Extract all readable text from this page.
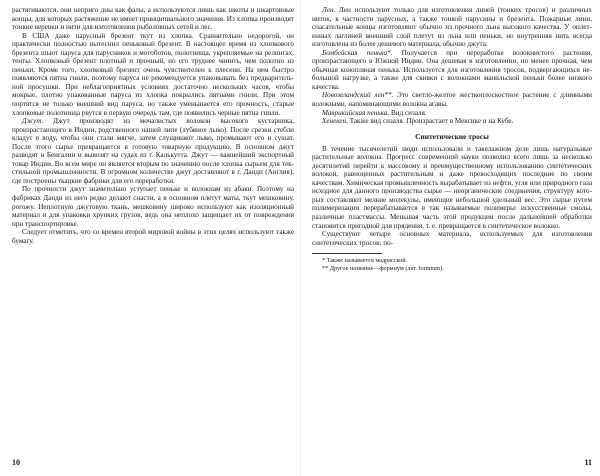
растягиваются, они неприго дны как фалы, а используются лишь как шкоты и шкартовные концы, для которых растяжение не имеет принципиального значения. Из хлопка производят тонкие веревки и нити для изготовления рыболовных сетей и лес.

В США даже парусный брезент ткут из хлопка. Сравнительно недорогой, он практически полностью вытеснил пеньковый брезент. В настоящее время из хлопкового брезента шьют паруса для парусников и мотоботов, полотнища, укрепляемые на релингах, тенты. Хлопковый брезент плотный и прочный, но его труднее чинить, чем полотно из пеньки. Кроме того, хлопковый брезент очень чувствителен к плесени. На нем быстро появляются пятна гнили, поэтому паруса не рекомендуется упаковывать без предварительной просушки. При неблагоприятных условиях достаточно нескольких часов, чтобы мокрые, плотно упакованные паруса из хлопка покрылись пятнами гнили. При этом портятся не только внешний вид паруса, но также уменьшается его прочность, старые хлопковые полотнища рвутся в первую очередь там, где появились черные пятна гнили.

Джут. Джут производят из мочалистых волокон высокого кустарника, произрастающего в Индии, родственного нашей липе (лубяное лыко). После срезки стебли кладут в воду, чтобы они стали мягче, затем слущивают лыко, промывают его и сушат. После этого сырье превращается в готовую товарную продукцию. В основном джут разводят в Бенгалии и вывозят на судах из г. Калькутта. Джут — важнейший экспортный товар Индии. Во всем мире он является вторым по значению после хлопка сырьем для текстильной промышленности. В огромном количестве джут доставляют в г. Данди (Англия), где построены ткацкие фабрики для его переработки.

По прочности джут значительно уступает пеньке и волокнам из абаки. Поэтому на фабриках Данди из него редко делают снасти, а в основном плетут маты, ткут мешковину, рогожу. Неплотную джутовую ткань, мешковину широко используют как изоляционный материал и для упаковки хрупких грузов, ведь она неплохо защищает их от повреждения при транспортировке.

Следует отметить, что со времен второй мировой войны в этих целях используют также бумагу.

10

Лен. Лен используют только для изготовления линей (тонких тросов) и различных ниток, в частности парусных, а также тонкой парусины и брезента. Пожарные лини, спасательные концы изготовляют обычно из прочного льна высокого качества. У оплетенных лаглиней внешний слой плетут из льна или пеньки, но внутренняя нить всегда изготовлена из более дешевого материала, обычно джута.

Бомбейская пенька*. Получается при переработке волокнистого растения, произрастающего в Южной Индии. Она дешевая в изготовлении, но менее прочная, чем обычная конопляная пенька. Используется для изготовления тросов, подвергающихся небольшой нагрузке, а также для свивки с волокнами манильской пеньки более низкого качества.

Новозеландский лен**. Это светло-желтое жесткоплоскостное растение с длинными волокнами, напоминающими волокна агавы.

Маврикийская пенька. Вид сизаля.

Хенекен. Также вид сизаля. Произрастает в Мексике и на Кубе.

Синтетические тросы

В течение тысячелетий люди использовали и такелажном деле лишь натуральные растительные волокна. Прогресс современной науки позволил всего лишь за несколько десятилетий перейти к массовому и преимущественному использованию синтетических волокон, равноценных растительным и даже превосходящих последние по своим качествам. Химическая промышленность вырабатывает из нефти, угля или природного газа исходное для данного производства сырье — неорганические соединения, структуру которых составляют мелкие молекулы, имеющие небольшой удельный вес. Это сырье путем полимеризации перерабатывается в так называемые полимеры: искусственные смолы, различные пластмассы. Меньшая часть этой продукции после дальнейшей обработки становится пригодной для прядения, т. е. превращается в синтетическое волокно.

Существуют четыре основных материала, используемых для изготовления синтетических тросов: по-

* Также называется мадрасской.

** Другое название—формиум (лат. formium).

11
